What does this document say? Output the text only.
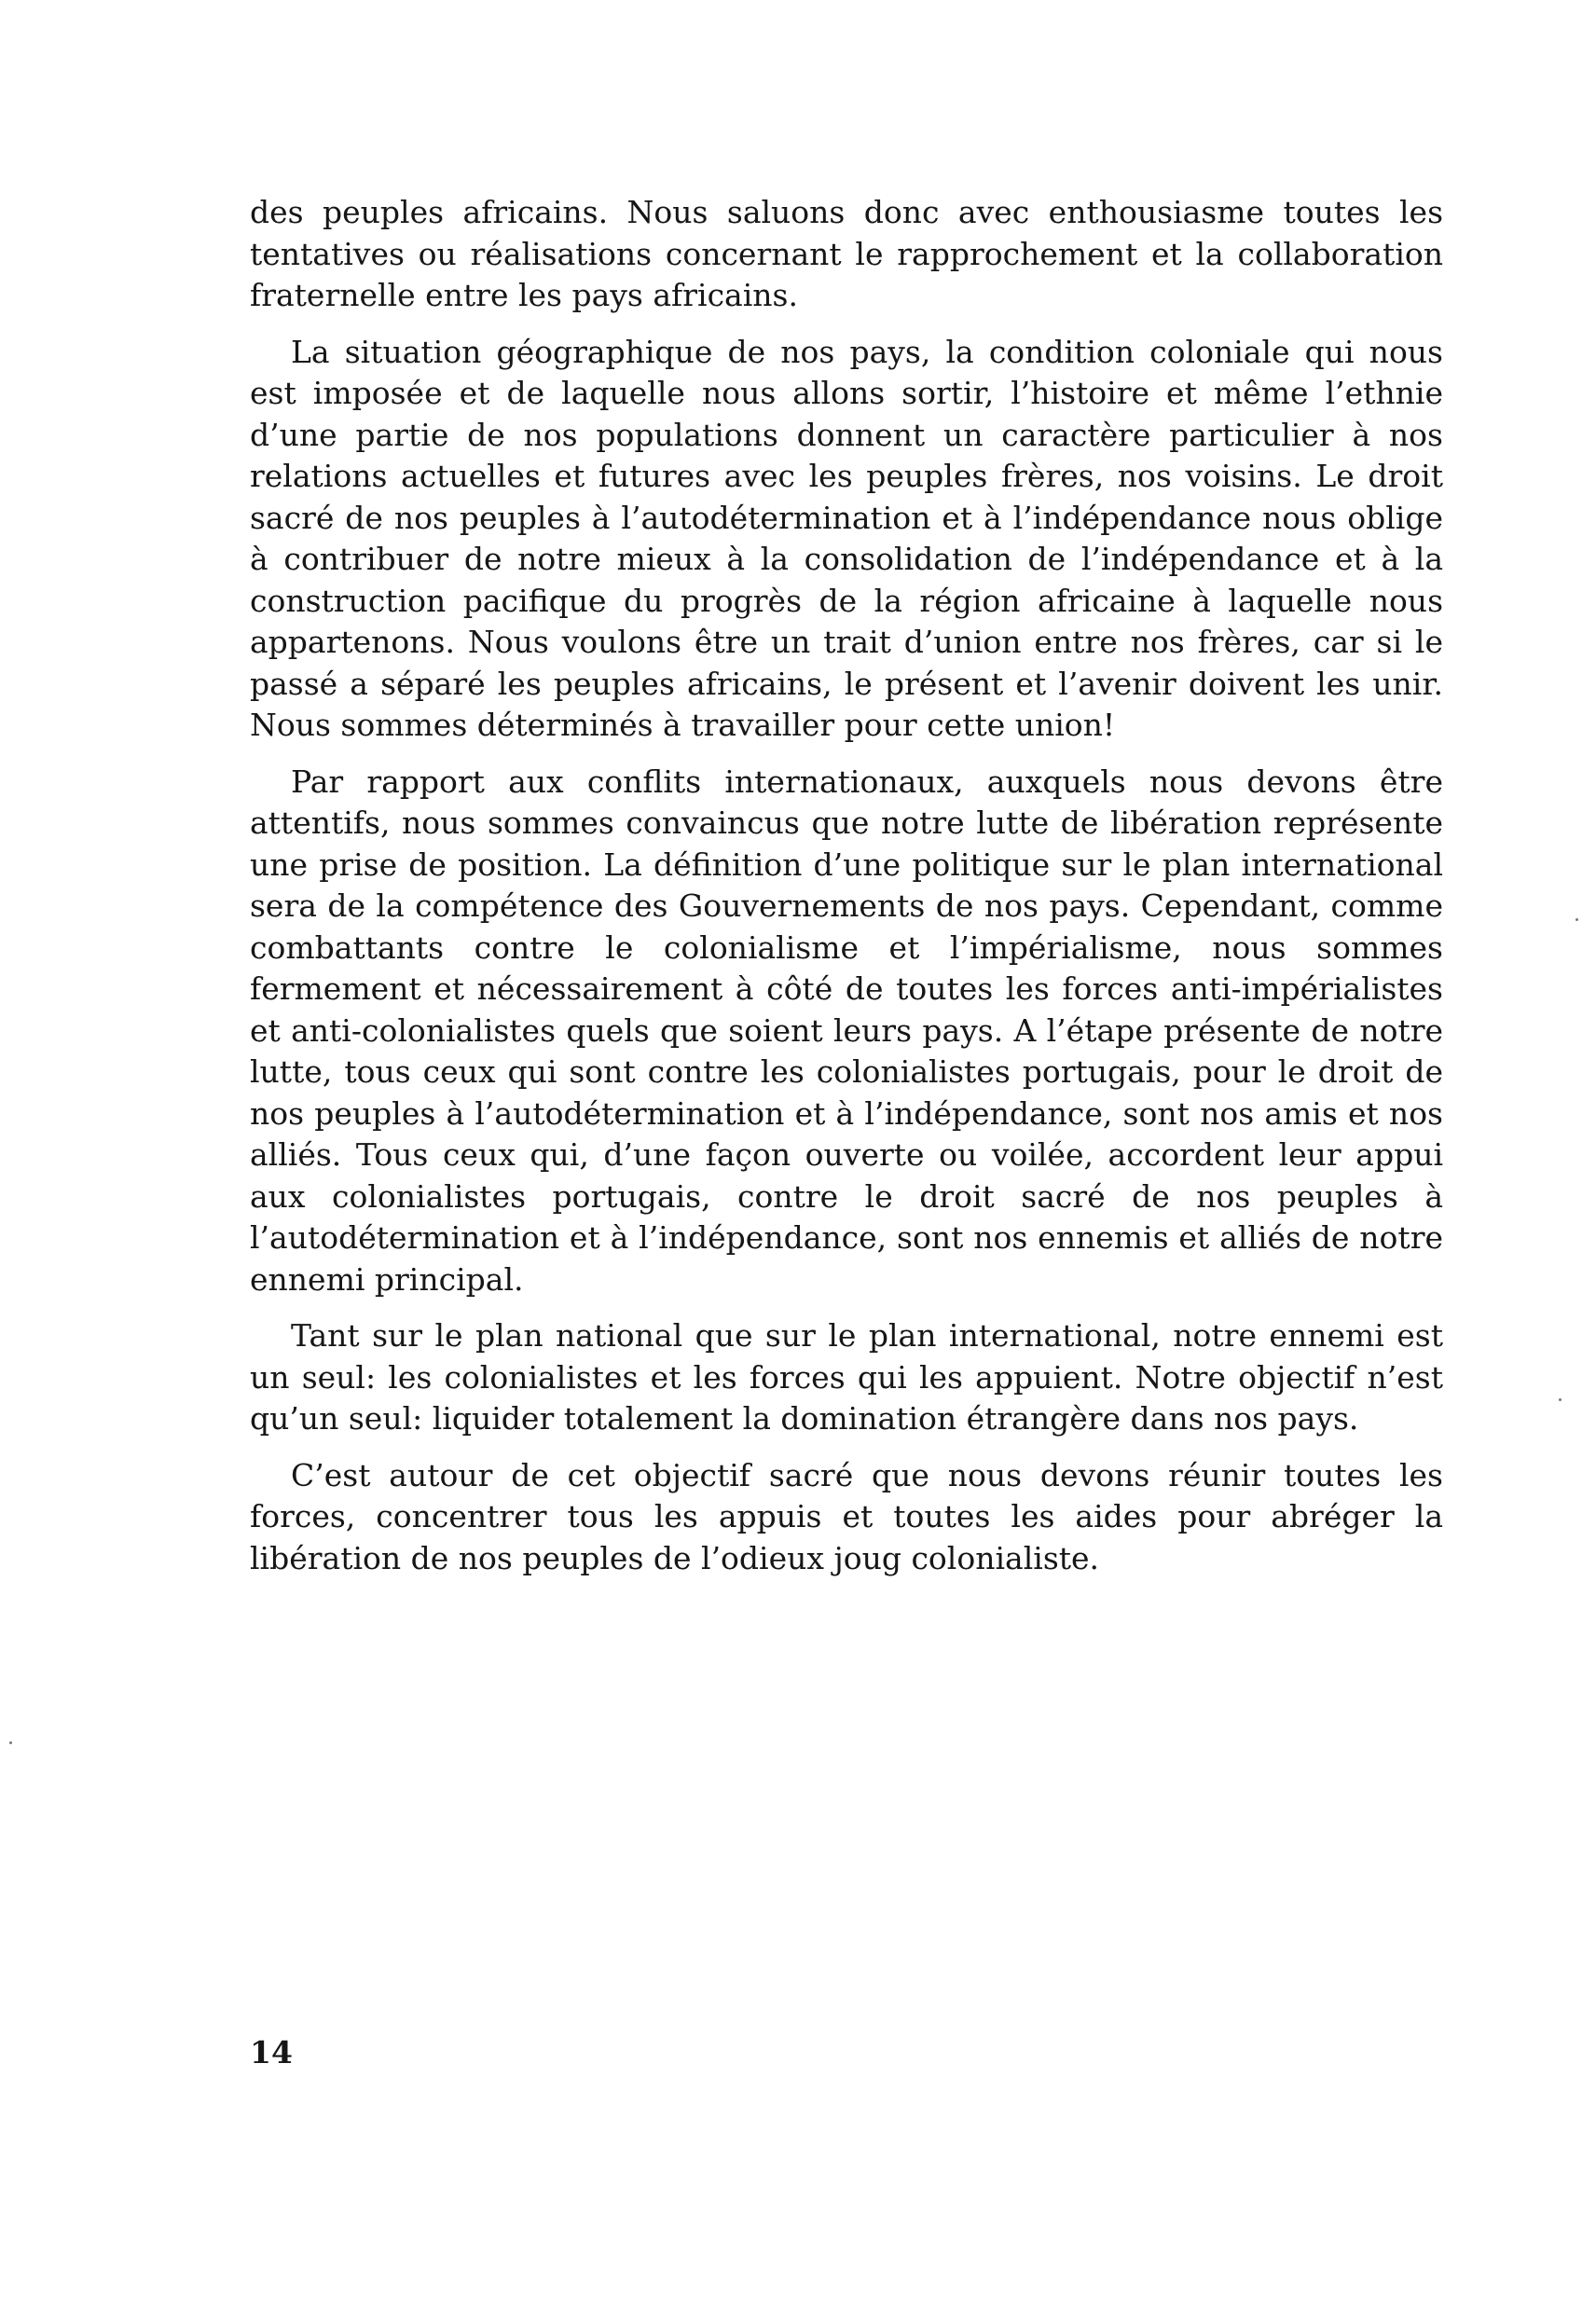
des peuples africains. Nous saluons donc avec enthousiasme toutes les tentatives ou réalisations concernant le rapprochement et la collaboration fraternelle entre les pays africains.

La situation géographique de nos pays, la condition coloniale qui nous est imposée et de laquelle nous allons sortir, l’histoire et même l’ethnie d’une partie de nos populations donnent un caractère particulier à nos relations actuelles et futures avec les peuples frères, nos voisins. Le droit sacré de nos peuples à l’autodétermination et à l’indépendance nous oblige à contribuer de notre mieux à la consolidation de l’indépendance et à la construction pacifique du progrès de la région africaine à laquelle nous appartenons. Nous voulons être un trait d’union entre nos frères, car si le passé a séparé les peuples africains, le présent et l’avenir doivent les unir. Nous sommes déterminés à travailler pour cette union!

Par rapport aux conflits internationaux, auxquels nous devons être attentifs, nous sommes convaincus que notre lutte de libération représente une prise de position. La définition d’une politique sur le plan international sera de la compétence des Gouvernements de nos pays. Cependant, comme combattants contre le colonialisme et l’impérialisme, nous sommes fermement et nécessairement à côté de toutes les forces anti-impérialistes et anti-colonialistes quels que soient leurs pays. A l’étape présente de notre lutte, tous ceux qui sont contre les colonialistes portugais, pour le droit de nos peuples à l’autodétermination et à l’indépendance, sont nos amis et nos alliés. Tous ceux qui, d’une façon ouverte ou voilée, accordent leur appui aux colonialistes portugais, contre le droit sacré de nos peuples à l’autodétermination et à l’indépendance, sont nos ennemis et alliés de notre ennemi principal.

Tant sur le plan national que sur le plan international, notre ennemi est un seul: les colonialistes et les forces qui les appuient. Notre objectif n’est qu’un seul: liquider totalement la domination étrangère dans nos pays.

C’est autour de cet objectif sacré que nous devons réunir toutes les forces, concentrer tous les appuis et toutes les aides pour abréger la libération de nos peuples de l’odieux joug colonialiste.

14
